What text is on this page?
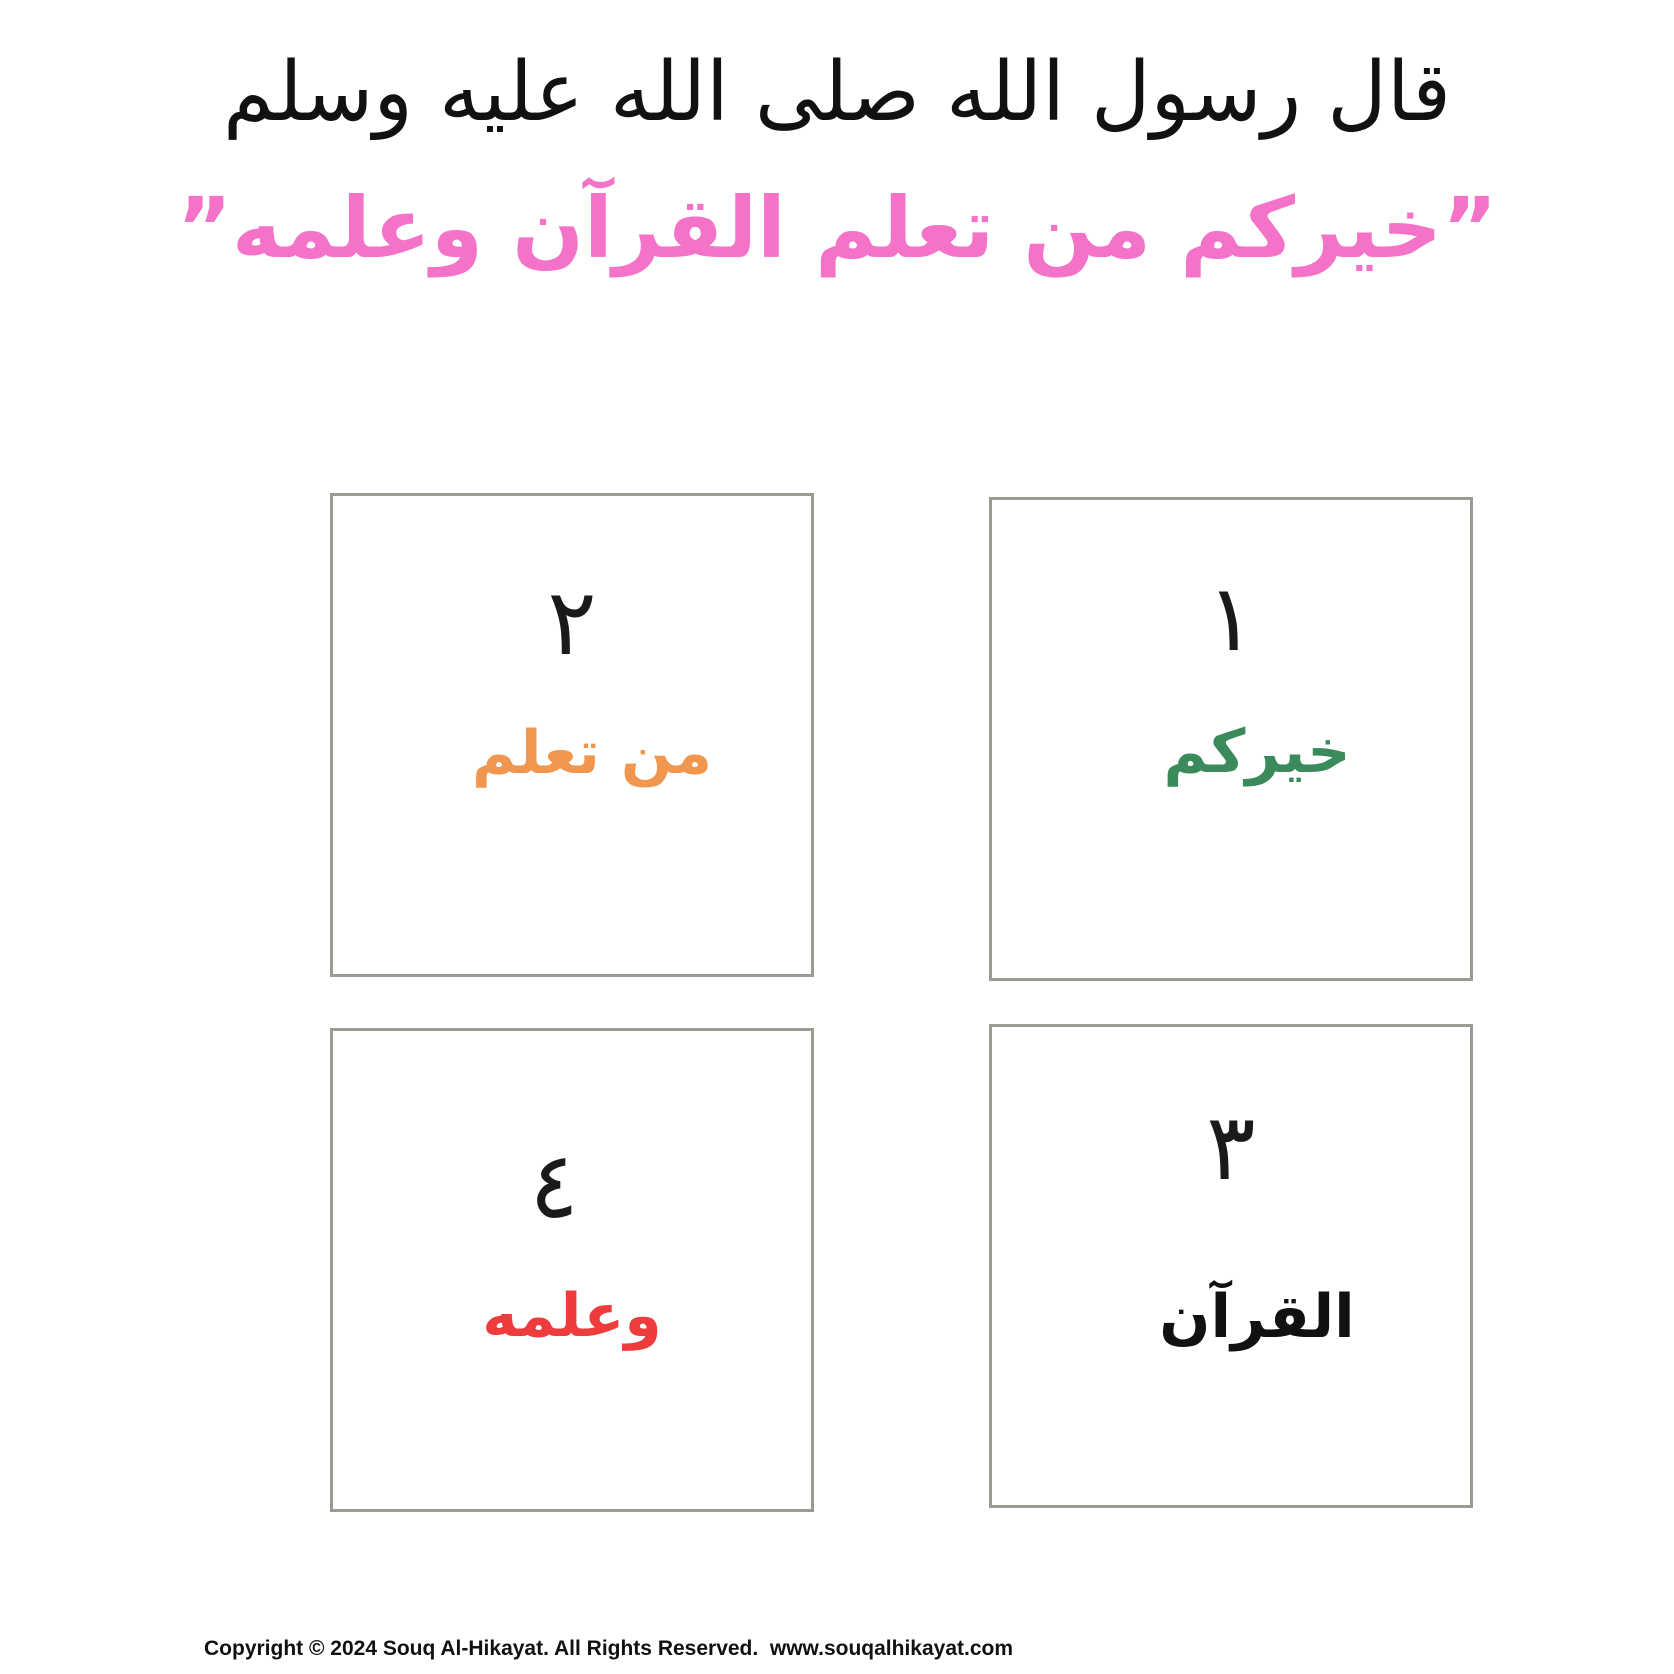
قال رسول الله صلى الله عليه وسلم
”خيركم من تعلم القرآن وعلمه”
١
خيركم
٢
من تعلم
٣
القرآن
٤
وعلمه
Copyright © 2024 Souq Al-Hikayat. All Rights Reserved.  www.souqalhikayat.com
